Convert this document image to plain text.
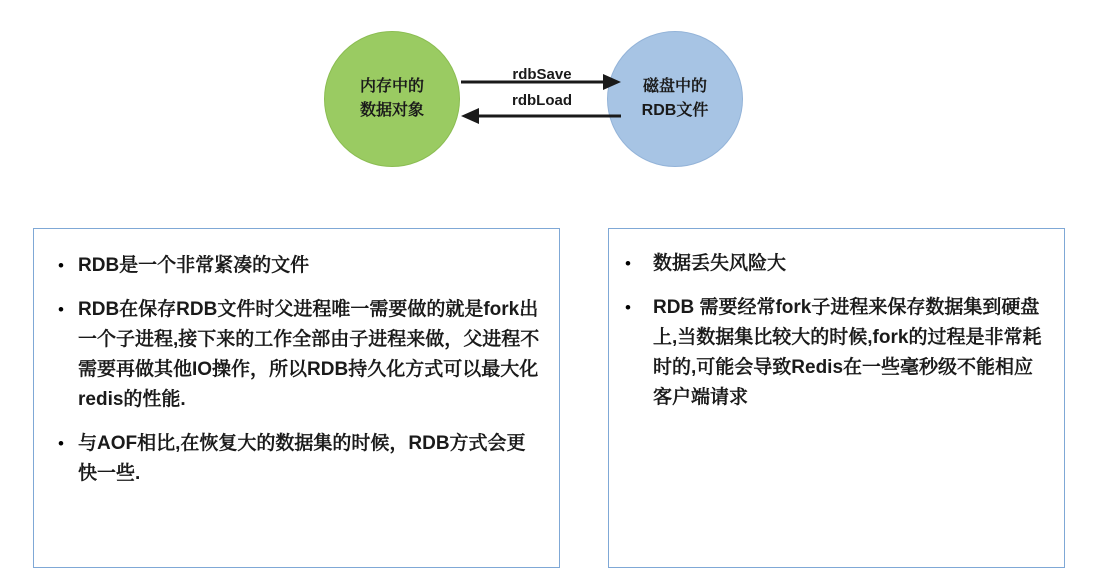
内存中的
数据对象
磁盘中的
RDB文件
rdbSave
rdbLoad
• RDB是一个非常紧凑的文件
• RDB在保存RDB文件时父进程唯一需要做的就是fork出一个子进程,接下来的工作全部由子进程来做，父进程不需要再做其他IO操作，所以RDB持久化方式可以最大化redis的性能.
• 与AOF相比,在恢复大的数据集的时候，RDB方式会更快一些.
•	数据丢失风险大
•	RDB 需要经常fork子进程来保存数据集到硬盘上,当数据集比较大的时候,fork的过程是非常耗时的,可能会导致Redis在一些毫秒级不能相应客户端请求
